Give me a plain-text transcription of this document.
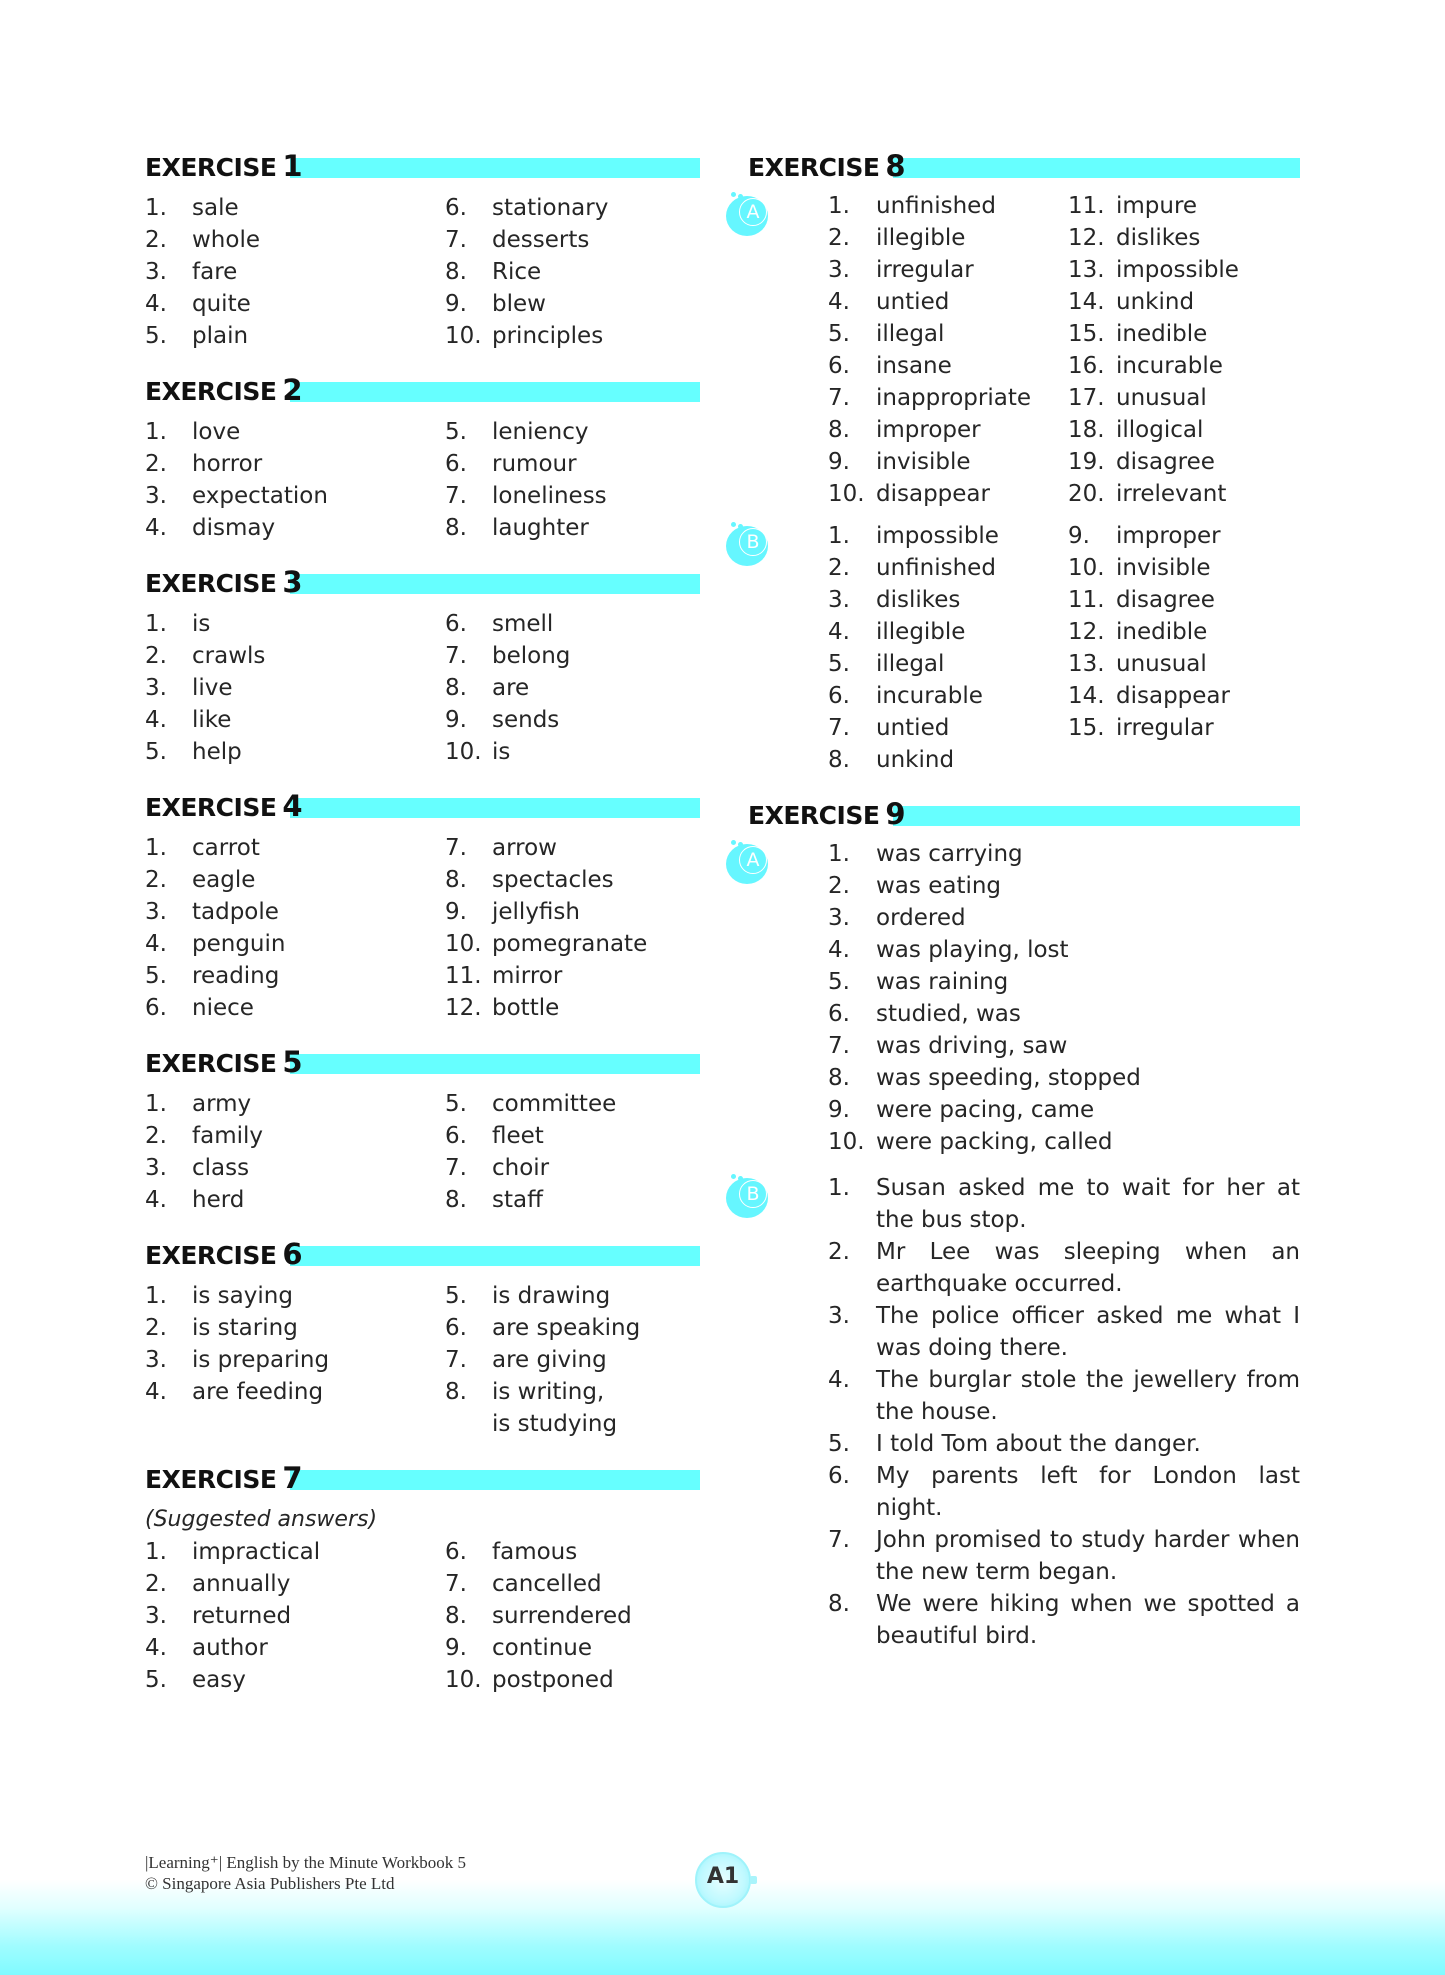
EXERCISE 1
1.	sale	6.	stationary
2.	whole	7.	desserts
3.	fare	8.	Rice
4.	quite	9.	blew
5.	plain	10. principles
EXERCISE 2
1.	love	5.	leniency
2.	horror	6.	rumour
3.	expectation	7.	loneliness
4.	dismay	8.	laughter
EXERCISE 3
1.	is	6.	smell
2.	crawls	7.	belong
3.	live	8.	are
4.	like	9.	sends
5.	help	10. is
EXERCISE 4
1.	carrot	7.	arrow
2.	eagle	8.	spectacles
3.	tadpole	9.	jellyfish
4.	penguin	10. pomegranate
5.	reading	11. mirror
6.	niece	12. bottle
EXERCISE 5
1.	army	5.	committee
2.	family	6.	fleet
3.	class	7.	choir
4.	herd	8.	staff
EXERCISE 6
1.	is saying	5.	is drawing
2.	is staring	6.	are speaking
3.	is preparing	7.	are giving
4.	are feeding	8.	is writing,
is studying
EXERCISE 7
(Suggested answers)
1.	impractical	6.	famous
2.	annually	7.	cancelled
3.	returned	8.	surrendered
4.	author	9.	continue
5.	easy	10. postponed
EXERCISE 8
A	1.	unfinished	11. impure
2.	illegible	12. dislikes
3.	irregular	13. impossible
4.	untied	14. unkind
5.	illegal	15. inedible
6.	insane	16. incurable
7.	inappropriate 17. unusual
8.	improper	18. illogical
9.	invisible	19. disagree
10. disappear	20. irrelevant
B	1.	impossible	9.	improper
2.	unfinished	10. invisible
3.	dislikes	11. disagree
4.	illegible	12. inedible
5.	illegal	13. unusual
6.	incurable	14. disappear
7.	untied	15. irregular
8.	unkind
EXERCISE 9
A	1.	was carrying
2.	was eating
3.	ordered
4.	was playing, lost
5.	was raining
6.	studied, was
7.	was driving, saw
8.	was speeding, stopped
9.	were pacing, came
10. were packing, called
B	1.	Susan asked me to wait for her at the bus stop.
2.	Mr Lee was sleeping when an earthquake occurred.
3.	The police officer asked me what I was doing there.
4.	The burglar stole the jewellery from the house.
5.	I told Tom about the danger.
6.	My parents left for London last night.
7.	John promised to study harder when the new term began.
8.	We were hiking when we spotted a beautiful bird.
|Learning⁺| English by the Minute Workbook 5
© Singapore Asia Publishers Pte Ltd	A1
